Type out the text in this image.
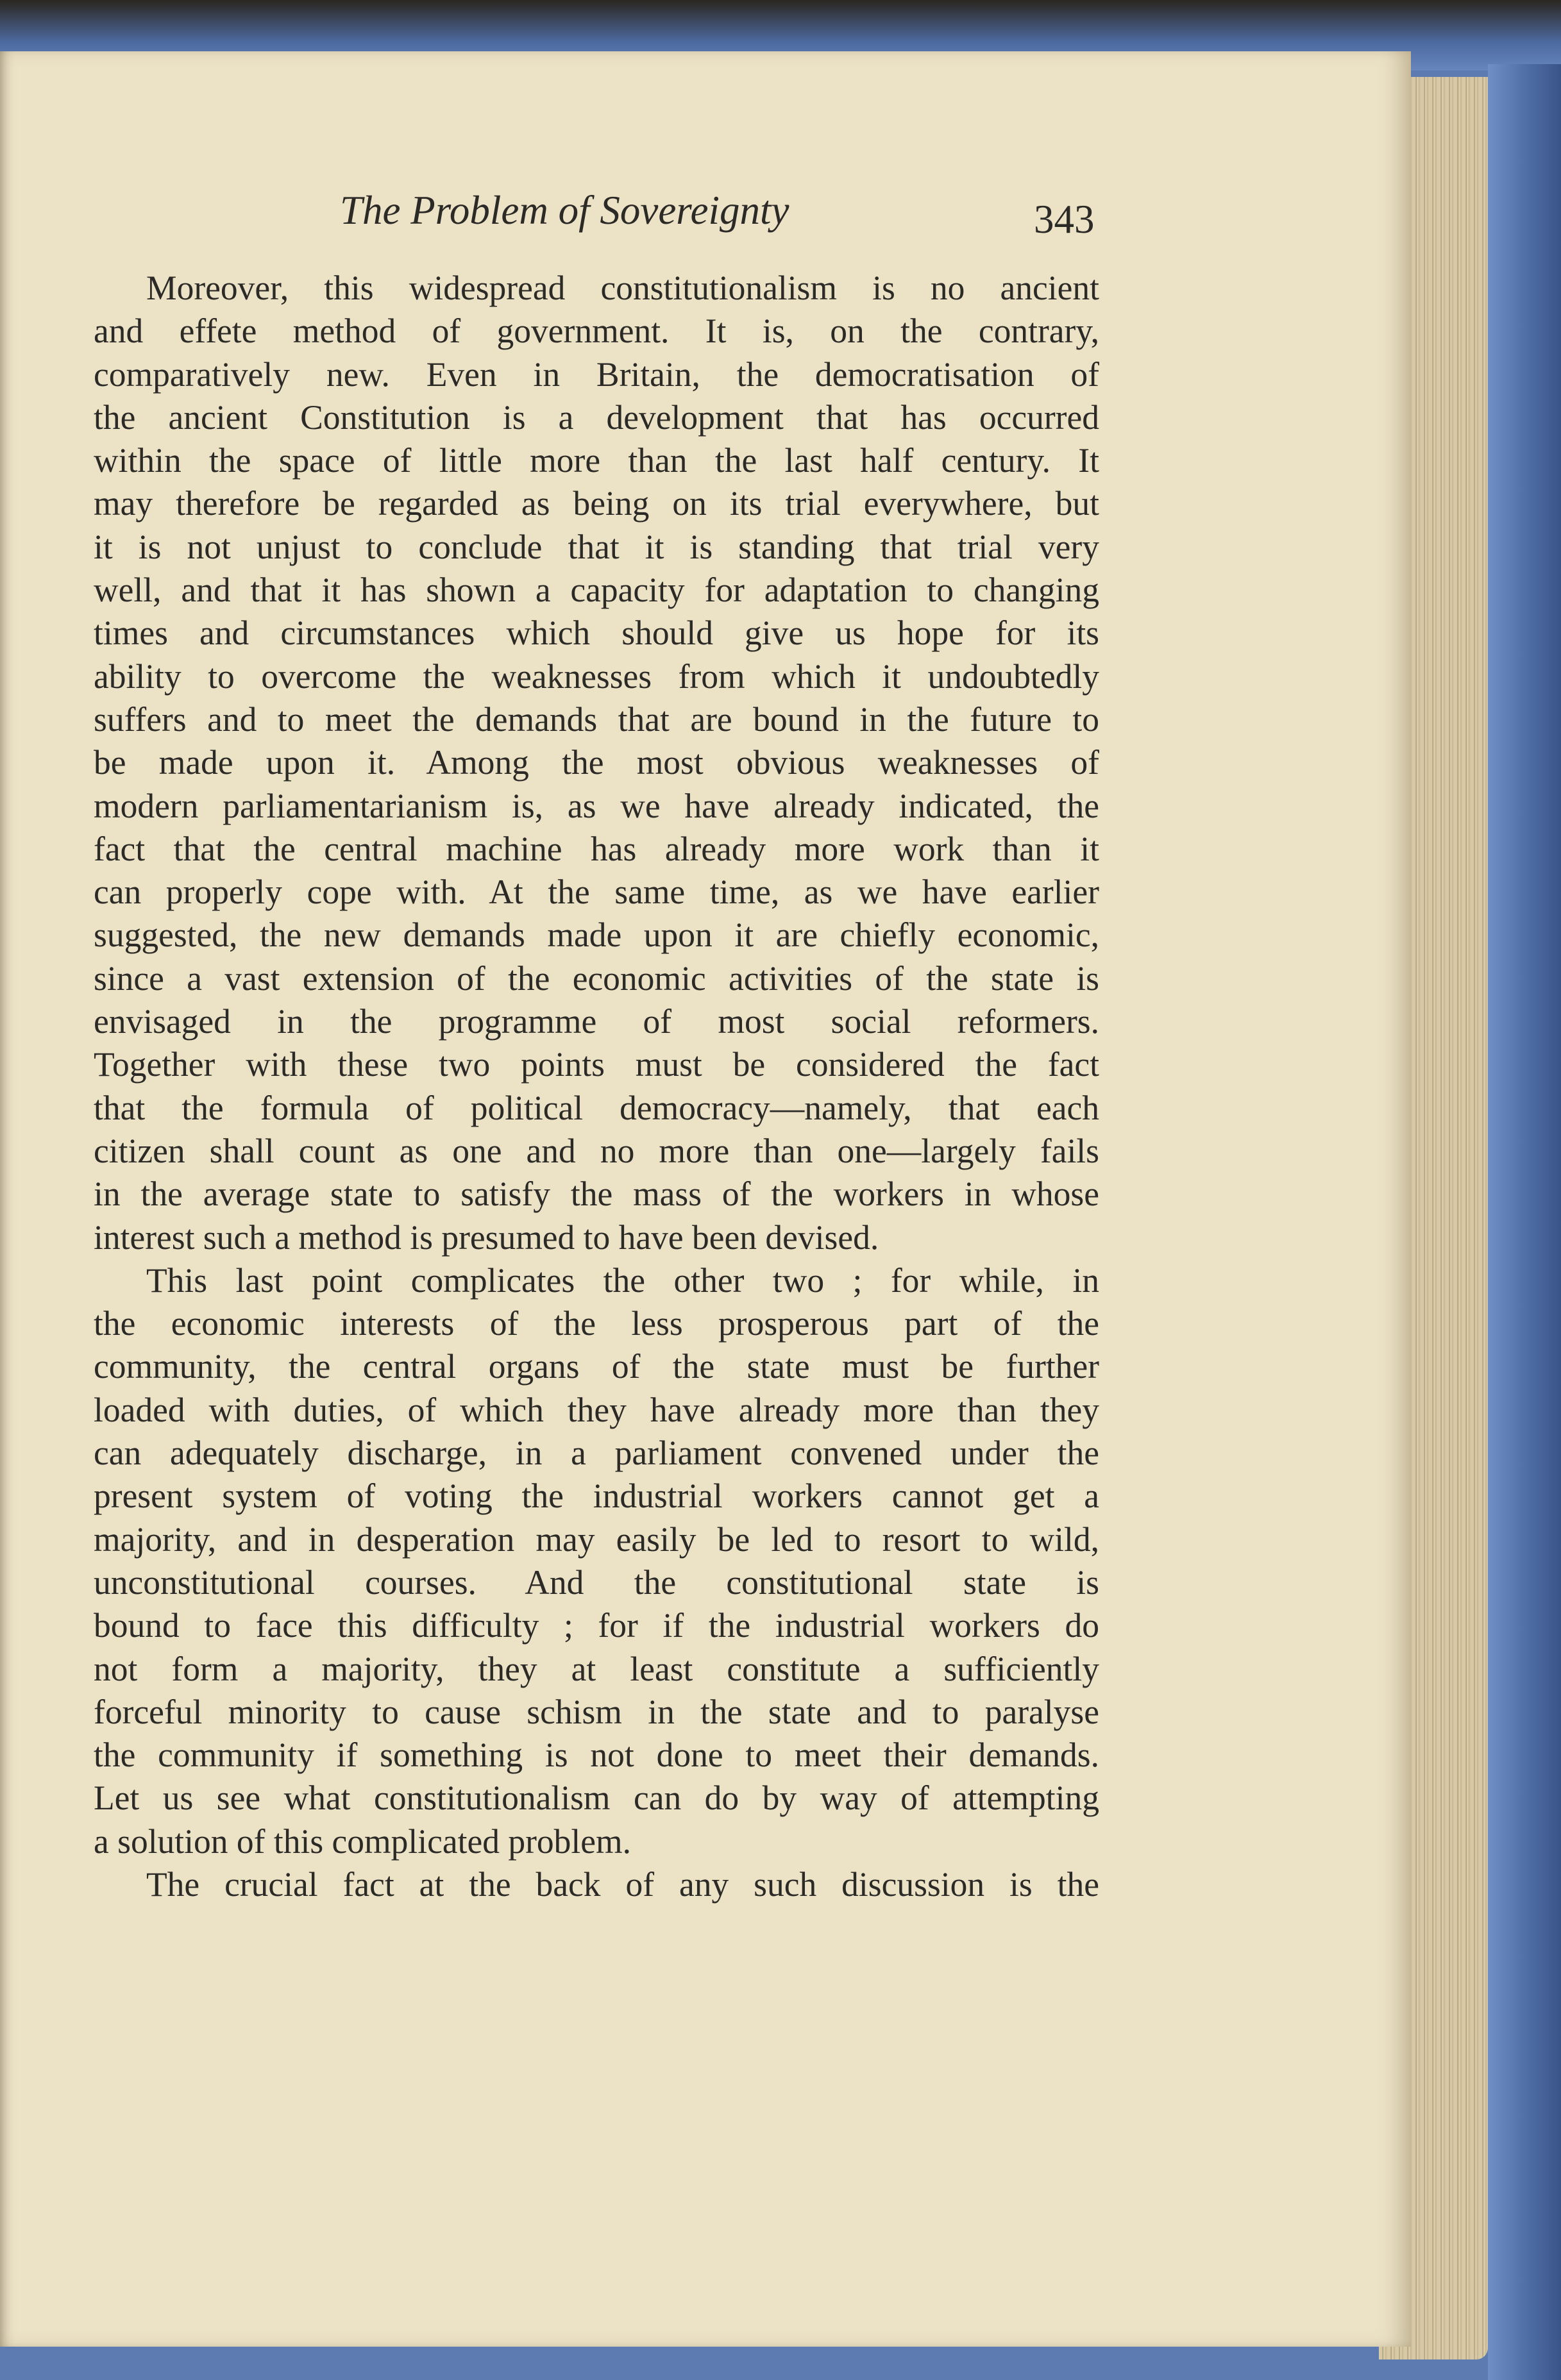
The Problem of Sovereignty	343
Moreover, this widespread constitutionalism is no ancient
and effete method of government. It is, on the contrary,
comparatively new. Even in Britain, the democratisation of
the ancient Constitution is a development that has occurred
within the space of little more than the last half century. It
may therefore be regarded as being on its trial everywhere, but
it is not unjust to conclude that it is standing that trial very
well, and that it has shown a capacity for adaptation to changing
times and circumstances which should give us hope for its
ability to overcome the weaknesses from which it undoubtedly
suffers and to meet the demands that are bound in the future to
be made upon it. Among the most obvious weaknesses of
modern parliamentarianism is, as we have already indicated, the
fact that the central machine has already more work than it
can properly cope with. At the same time, as we have earlier
suggested, the new demands made upon it are chiefly economic,
since a vast extension of the economic activities of the state is
envisaged in the programme of most social reformers.
Together with these two points must be considered the fact
that the formula of political democracy—namely, that each
citizen shall count as one and no more than one—largely fails
in the average state to satisfy the mass of the workers in whose
interest such a method is presumed to have been devised.
This last point complicates the other two ; for while, in
the economic interests of the less prosperous part of the
community, the central organs of the state must be further
loaded with duties, of which they have already more than they
can adequately discharge, in a parliament convened under the
present system of voting the industrial workers cannot get a
majority, and in desperation may easily be led to resort to wild,
unconstitutional courses. And the constitutional state is
bound to face this difficulty ; for if the industrial workers do
not form a majority, they at least constitute a sufficiently
forceful minority to cause schism in the state and to paralyse
the community if something is not done to meet their demands.
Let us see what constitutionalism can do by way of attempting
a solution of this complicated problem.
The crucial fact at the back of any such discussion is the
